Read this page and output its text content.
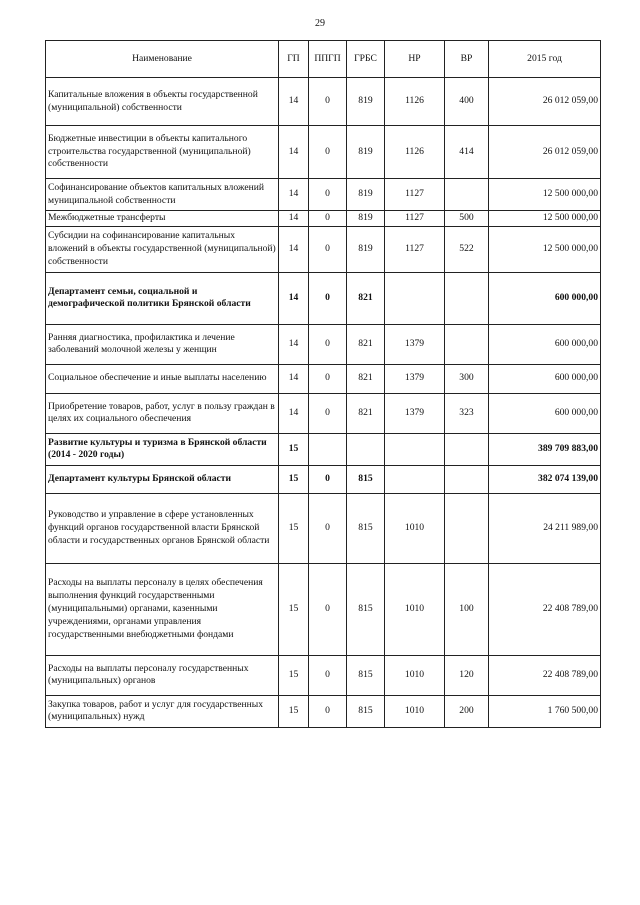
29
Наименование	ГП	ППГП	ГРБС	НР	ВР	2015 год
Капитальные вложения в объекты государственной (муниципальной) собственности	14	0	819	1126	400	26 012 059,00
Бюджетные инвестиции в объекты капитального строительства государственной (муниципальной) собственности	14	0	819	1126	414	26 012 059,00
Софинансирование объектов капитальных вложений муниципальной собственности	14	0	819	1127		12 500 000,00
Межбюджетные трансферты	14	0	819	1127	500	12 500 000,00
Субсидии на софинансирование капитальных вложений в объекты государственной (муниципальной) собственности	14	0	819	1127	522	12 500 000,00
Департамент семьи, социальной и демографической политики Брянской области	14	0	821			600 000,00
Ранняя диагностика, профилактика и лечение заболеваний молочной железы у женщин	14	0	821	1379		600 000,00
Социальное обеспечение и иные выплаты населению	14	0	821	1379	300	600 000,00
Приобретение товаров, работ, услуг в пользу граждан в целях их социального обеспечения	14	0	821	1379	323	600 000,00
Развитие культуры и туризма в Брянской области (2014 - 2020 годы)	15					389 709 883,00
Департамент культуры Брянской области	15	0	815			382 074 139,00
Руководство и управление в сфере установленных функций органов государственной власти Брянской области и государственных органов Брянской области	15	0	815	1010		24 211 989,00
Расходы на выплаты персоналу в целях обеспечения выполнения функций государственными (муниципальными) органами, казенными учреждениями, органами управления государственными внебюджетными фондами	15	0	815	1010	100	22 408 789,00
Расходы на выплаты персоналу государственных (муниципальных) органов	15	0	815	1010	120	22 408 789,00
Закупка товаров, работ и услуг для государственных (муниципальных) нужд	15	0	815	1010	200	1 760 500,00
